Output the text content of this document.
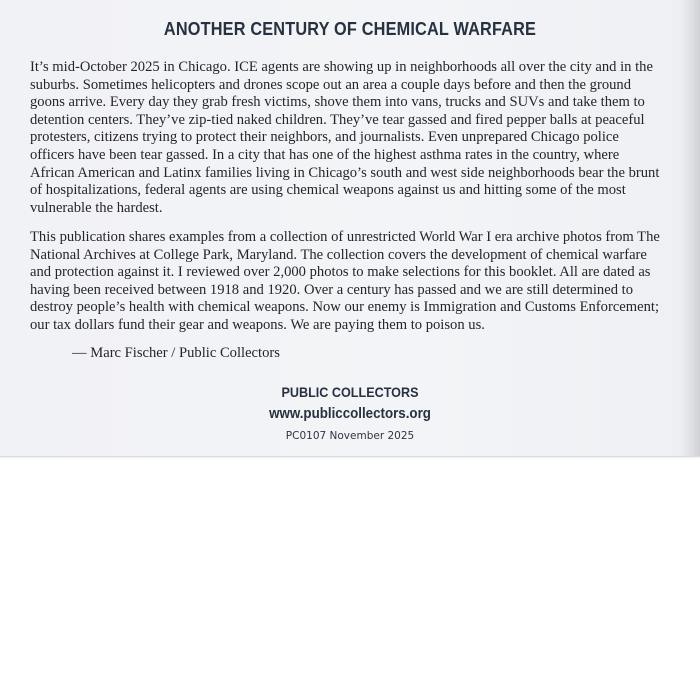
ANOTHER CENTURY OF CHEMICAL WARFARE

It’s mid-October 2025 in Chicago. ICE agents are showing up in neighborhoods all over the city and in the suburbs. Sometimes helicopters and drones scope out an area a couple days before and then the ground goons arrive. Every day they grab fresh victims, shove them into vans, trucks and SUVs and take them to detention centers. They’ve zip-tied naked children. They’ve tear gassed and fired pepper balls at peaceful protesters, citizens trying to protect their neighbors, and journalists. Even unprepared Chicago police officers have been tear gassed. In a city that has one of the highest asthma rates in the country, where African American and Latinx families living in Chicago’s south and west side neighborhoods bear the brunt of hospitalizations, federal agents are using chemical weapons against us and hitting some of the most vulnerable the hardest.

This publication shares examples from a collection of unrestricted World War I era archive photos from The National Archives at College Park, Maryland. The collection covers the development of chemical warfare and protection against it. I reviewed over 2,000 photos to make selections for this booklet. All are dated as having been received between 1918 and 1920. Over a century has passed and we are still determined to destroy people’s health with chemical weapons. Now our enemy is Immigration and Customs Enforcement; our tax dollars fund their gear and weapons. We are paying them to poison us.

— Marc Fischer / Public Collectors
PUBLIC COLLECTORS
www.publiccollectors.org
PC0107 November 2025
